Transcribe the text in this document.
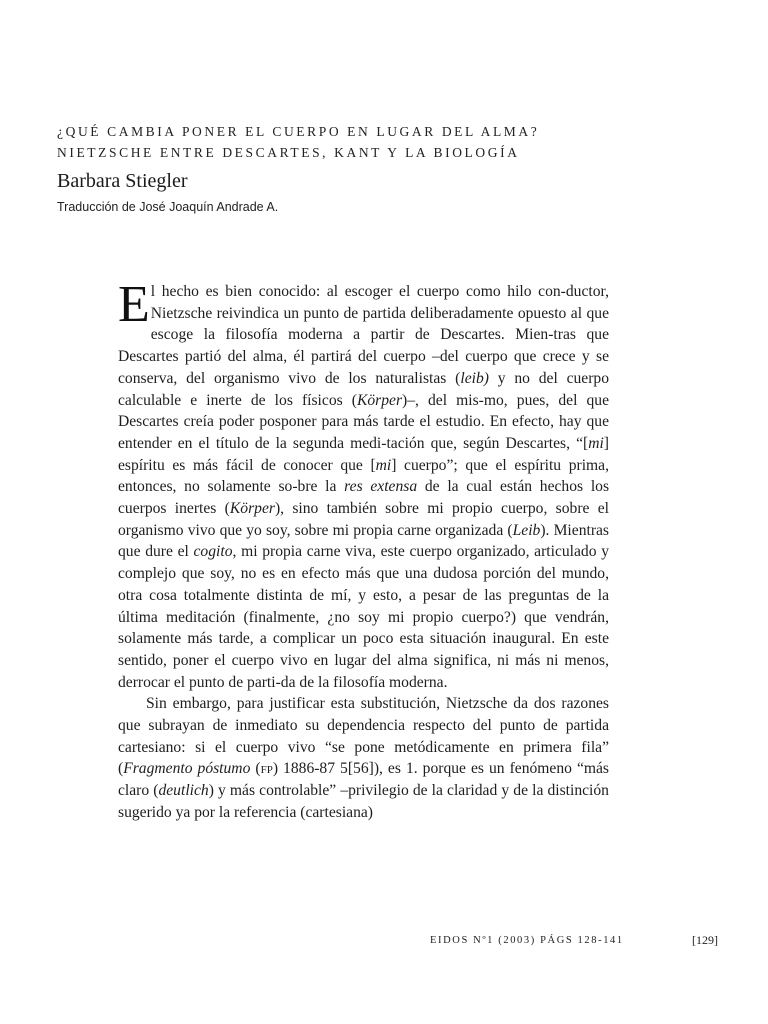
¿QUÉ CAMBIA PONER EL CUERPO EN LUGAR DEL ALMA?
NIETZSCHE ENTRE DESCARTES, KANT Y LA BIOLOGÍA
Barbara Stiegler
Traducción de José Joaquín Andrade A.

El hecho es bien conocido: al escoger el cuerpo como hilo con-ductor, Nietzsche reivindica un punto de partida deliberadamente opuesto al que escoge la filosofía moderna a partir de Descartes. Mien-tras que Descartes partió del alma, él partirá del cuerpo –del cuerpo que crece y se conserva, del organismo vivo de los naturalistas (leib) y no del cuerpo calculable e inerte de los físicos (Körper)–, del mis-mo, pues, del que Descartes creía poder posponer para más tarde el estudio. En efecto, hay que entender en el título de la segunda medi-tación que, según Descartes, “[mi] espíritu es más fácil de conocer que [mi] cuerpo”; que el espíritu prima, entonces, no solamente so-bre la res extensa de la cual están hechos los cuerpos inertes (Körper), sino también sobre mi propio cuerpo, sobre el organismo vivo que yo soy, sobre mi propia carne organizada (Leib). Mientras que dure el cogito, mi propia carne viva, este cuerpo organizado, articulado y complejo que soy, no es en efecto más que una dudosa porción del mundo, otra cosa totalmente distinta de mí, y esto, a pesar de las preguntas de la última meditación (finalmente, ¿no soy mi propio cuerpo?) que vendrán, solamente más tarde, a complicar un poco esta situación inaugural. En este sentido, poner el cuerpo vivo en lugar del alma significa, ni más ni menos, derrocar el punto de parti-da de la filosofía moderna.

Sin embargo, para justificar esta substitución, Nietzsche da dos razones que subrayan de inmediato su dependencia respecto del punto de partida cartesiano: si el cuerpo vivo “se pone metódicamente en primera fila” (Fragmento póstumo (fp) 1886-87 5[56]), es 1. porque es un fenómeno “más claro (deutlich) y más controlable” –privilegio de la claridad y de la distinción sugerido ya por la referencia (cartesiana)

EIDOS Nº1 (2003) PÁGS 128-141	[129]
